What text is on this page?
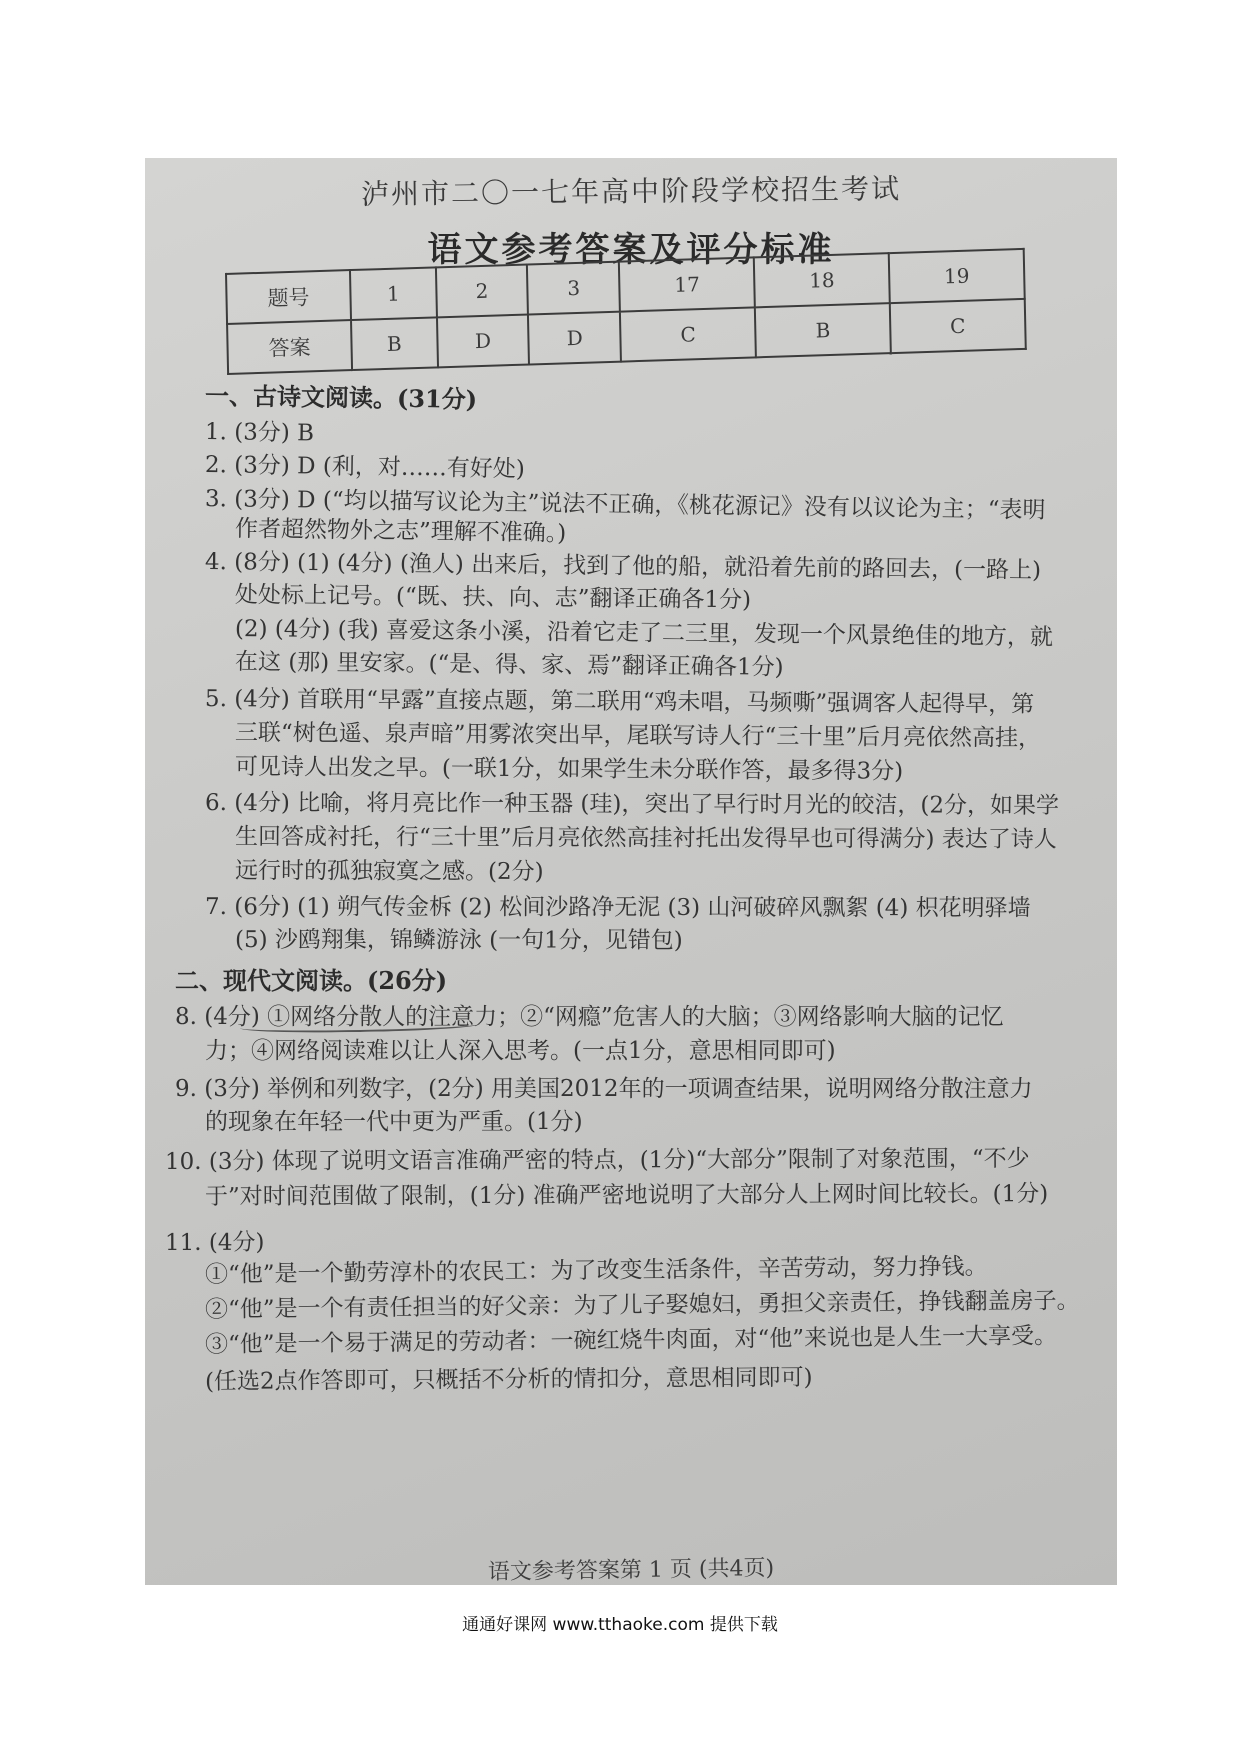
泸州市二〇一七年高中阶段学校招生考试
语文参考答案及评分标准
题号	1	2	3	17	18	19
答案	B	D	D	C	B	C
一、古诗文阅读。(31分)
1. (3分) B
2. (3分) D (利，对……有好处)
3. (3分) D (“均以描写议论为主”说法不正确，《桃花源记》没有以议论为主；“表明
作者超然物外之志”理解不准确。)
4. (8分) (1) (4分) (渔人) 出来后，找到了他的船，就沿着先前的路回去，(一路上)
处处标上记号。(“既、扶、向、志”翻译正确各1分)
(2) (4分) (我) 喜爱这条小溪，沿着它走了二三里，发现一个风景绝佳的地方，就
在这 (那) 里安家。(“是、得、家、焉”翻译正确各1分)
5. (4分) 首联用“早露”直接点题，第二联用“鸡未唱，马频嘶”强调客人起得早，第
三联“树色遥、泉声暗”用雾浓突出早，尾联写诗人行“三十里”后月亮依然高挂，
可见诗人出发之早。(一联1分，如果学生未分联作答，最多得3分)
6. (4分) 比喻，将月亮比作一种玉器 (珪)，突出了早行时月光的皎洁，(2分，如果学
生回答成衬托，行“三十里”后月亮依然高挂衬托出发得早也可得满分) 表达了诗人
远行时的孤独寂寞之感。(2分)
7. (6分) (1) 朔气传金柝 (2) 松间沙路净无泥 (3) 山河破碎风飘絮 (4) 枳花明驿墙
(5) 沙鸥翔集，锦鳞游泳 (一句1分，见错包)
二、现代文阅读。(26分)
8. (4分) ①网络分散人的注意力；②“网瘾”危害人的大脑；③网络影响大脑的记忆
力；④网络阅读难以让人深入思考。(一点1分，意思相同即可)
9. (3分) 举例和列数字，(2分) 用美国2012年的一项调查结果，说明网络分散注意力
的现象在年轻一代中更为严重。(1分)
10. (3分) 体现了说明文语言准确严密的特点，(1分)“大部分”限制了对象范围，“不少
于”对时间范围做了限制，(1分) 准确严密地说明了大部分人上网时间比较长。(1分)
11. (4分)
①“他”是一个勤劳淳朴的农民工：为了改变生活条件，辛苦劳动，努力挣钱。
②“他”是一个有责任担当的好父亲：为了儿子娶媳妇，勇担父亲责任，挣钱翻盖房子。
③“他”是一个易于满足的劳动者：一碗红烧牛肉面，对“他”来说也是人生一大享受。
(任选2点作答即可，只概括不分析的情扣分，意思相同即可)
语文参考答案第 1 页 (共4页)
通通好课网 www.tthaoke.com 提供下载
